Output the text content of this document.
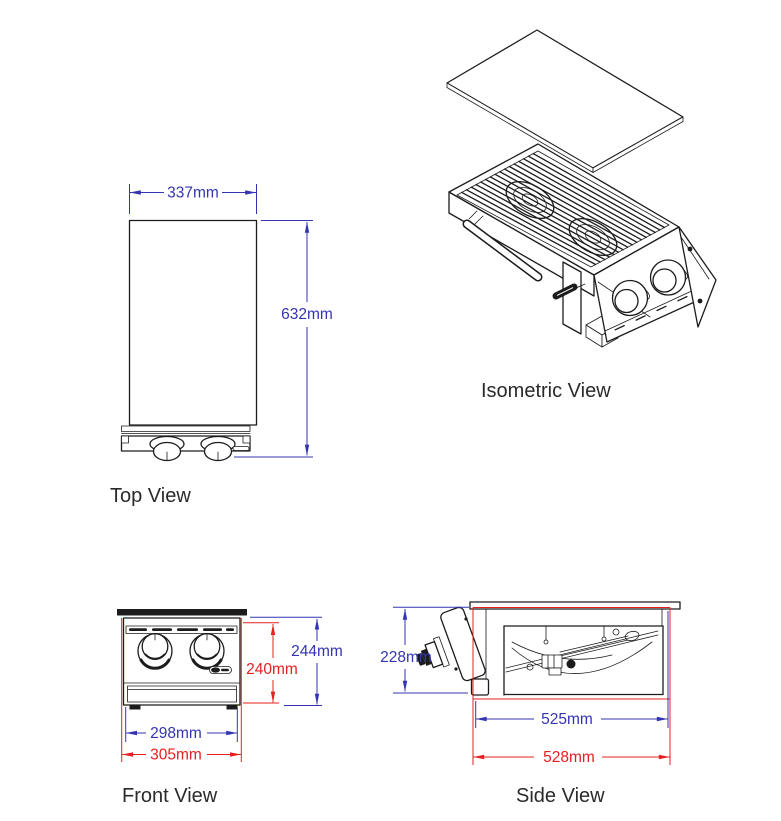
337mm
632mm
Top View
Isometric View
240mm
244mm
298mm
305mm
Front View
228mm
525mm
528mm
Side View
